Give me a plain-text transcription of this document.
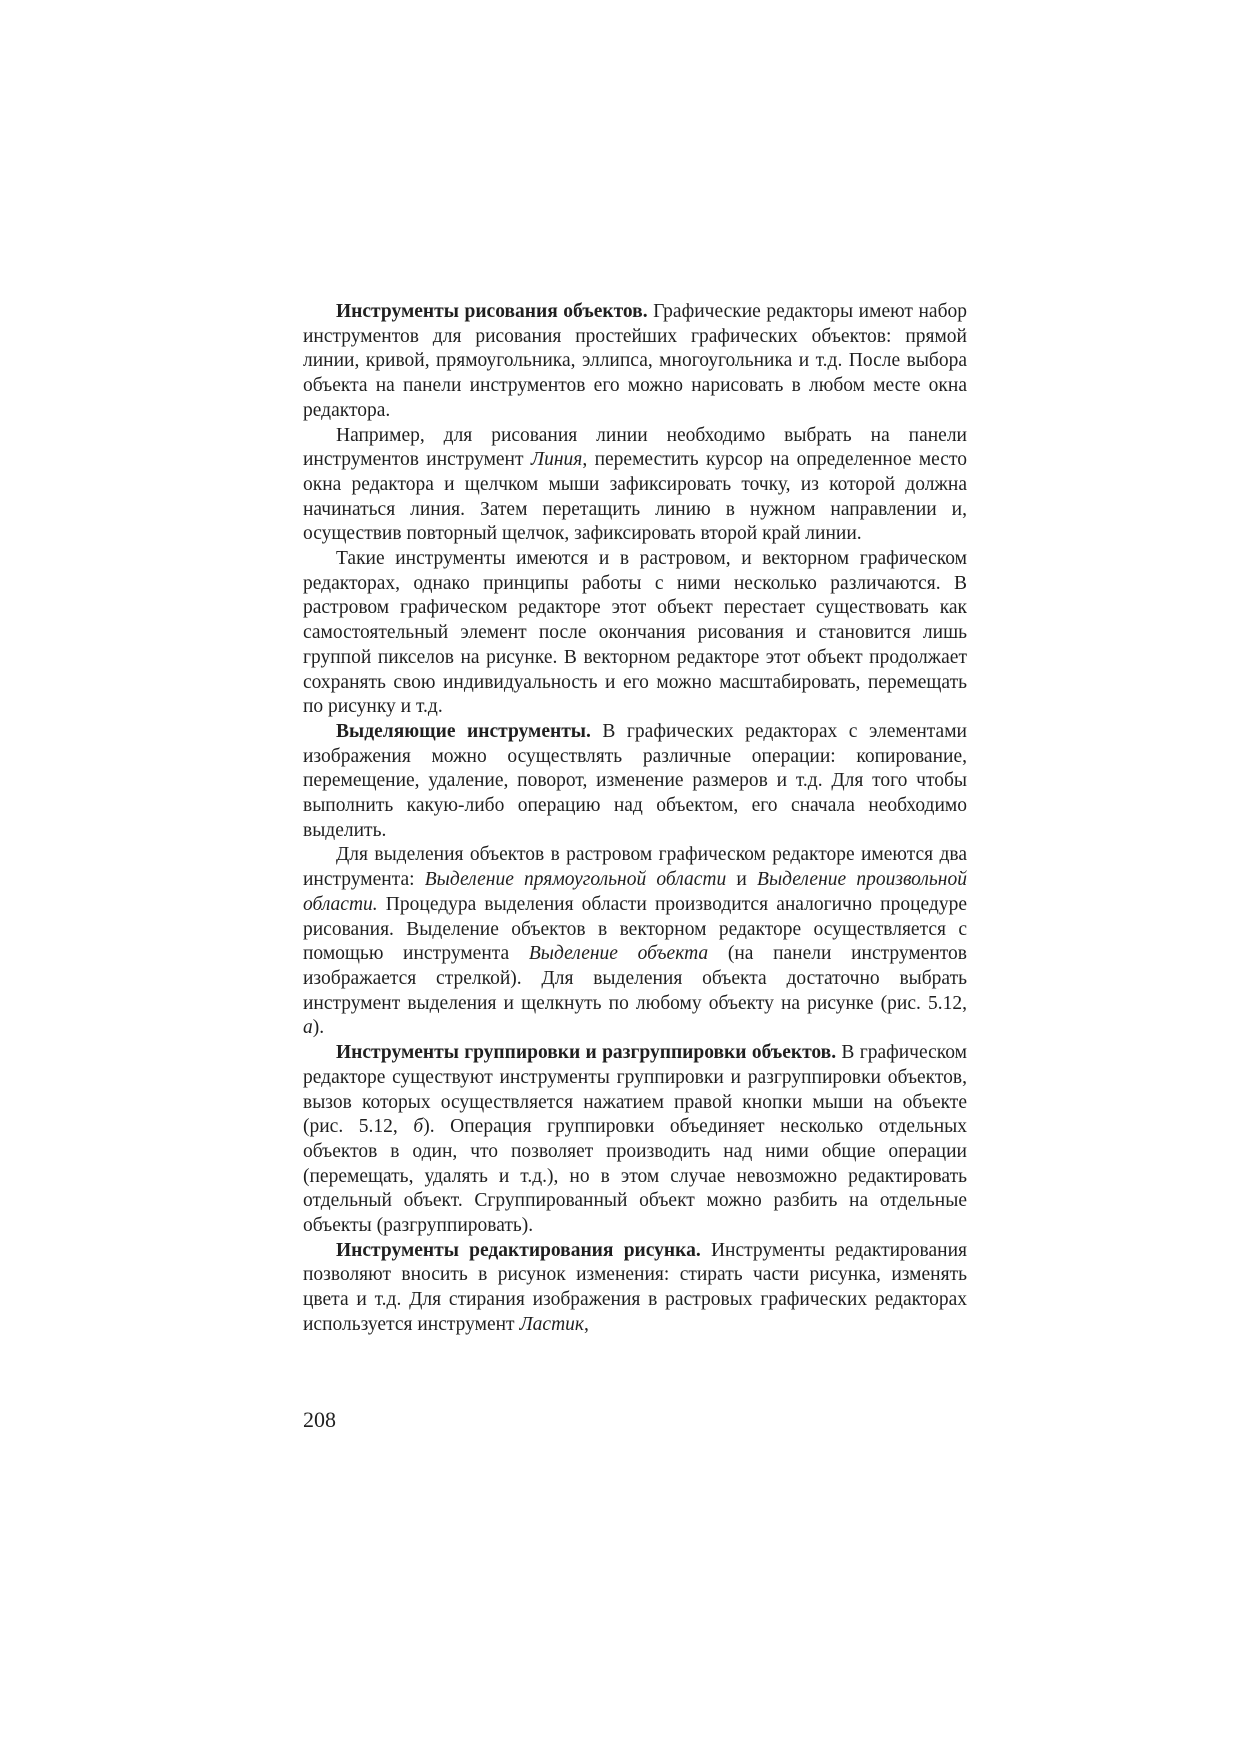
Инструменты рисования объектов. Графические редакторы имеют набор инструментов для рисования простейших графических объектов: прямой линии, кривой, прямоугольника, эллипса, многоугольника и т.д. После выбора объекта на панели инструментов его можно нарисовать в любом месте окна редактора.

Например, для рисования линии необходимо выбрать на панели инструментов инструмент Линия, переместить курсор на определенное место окна редактора и щелчком мыши зафиксировать точку, из которой должна начинаться линия. Затем перетащить линию в нужном направлении и, осуществив повторный щелчок, зафиксировать второй край линии.

Такие инструменты имеются и в растровом, и векторном графическом редакторах, однако принципы работы с ними несколько различаются. В растровом графическом редакторе этот объект перестает существовать как самостоятельный элемент после окончания рисования и становится лишь группой пикселов на рисунке. В векторном редакторе этот объект продолжает сохранять свою индивидуальность и его можно масштабировать, перемещать по рисунку и т.д.

Выделяющие инструменты. В графических редакторах с элементами изображения можно осуществлять различные операции: копирование, перемещение, удаление, поворот, изменение размеров и т.д. Для того чтобы выполнить какую-либо операцию над объектом, его сначала необходимо выделить.

Для выделения объектов в растровом графическом редакторе имеются два инструмента: Выделение прямоугольной области и Выделение произвольной области. Процедура выделения области производится аналогично процедуре рисования. Выделение объектов в векторном редакторе осуществляется с помощью инструмента Выделение объекта (на панели инструментов изображается стрелкой). Для выделения объекта достаточно выбрать инструмент выделения и щелкнуть по любому объекту на рисунке (рис. 5.12, а).

Инструменты группировки и разгруппировки объектов. В графическом редакторе существуют инструменты группировки и разгруппировки объектов, вызов которых осуществляется нажатием правой кнопки мыши на объекте (рис. 5.12, б). Операция группировки объединяет несколько отдельных объектов в один, что позволяет производить над ними общие операции (перемещать, удалять и т.д.), но в этом случае невозможно редактировать отдельный объект. Сгруппированный объект можно разбить на отдельные объекты (разгруппировать).

Инструменты редактирования рисунка. Инструменты редактирования позволяют вносить в рисунок изменения: стирать части рисунка, изменять цвета и т.д. Для стирания изображения в растровых графических редакторах используется инструмент Ластик,

208
